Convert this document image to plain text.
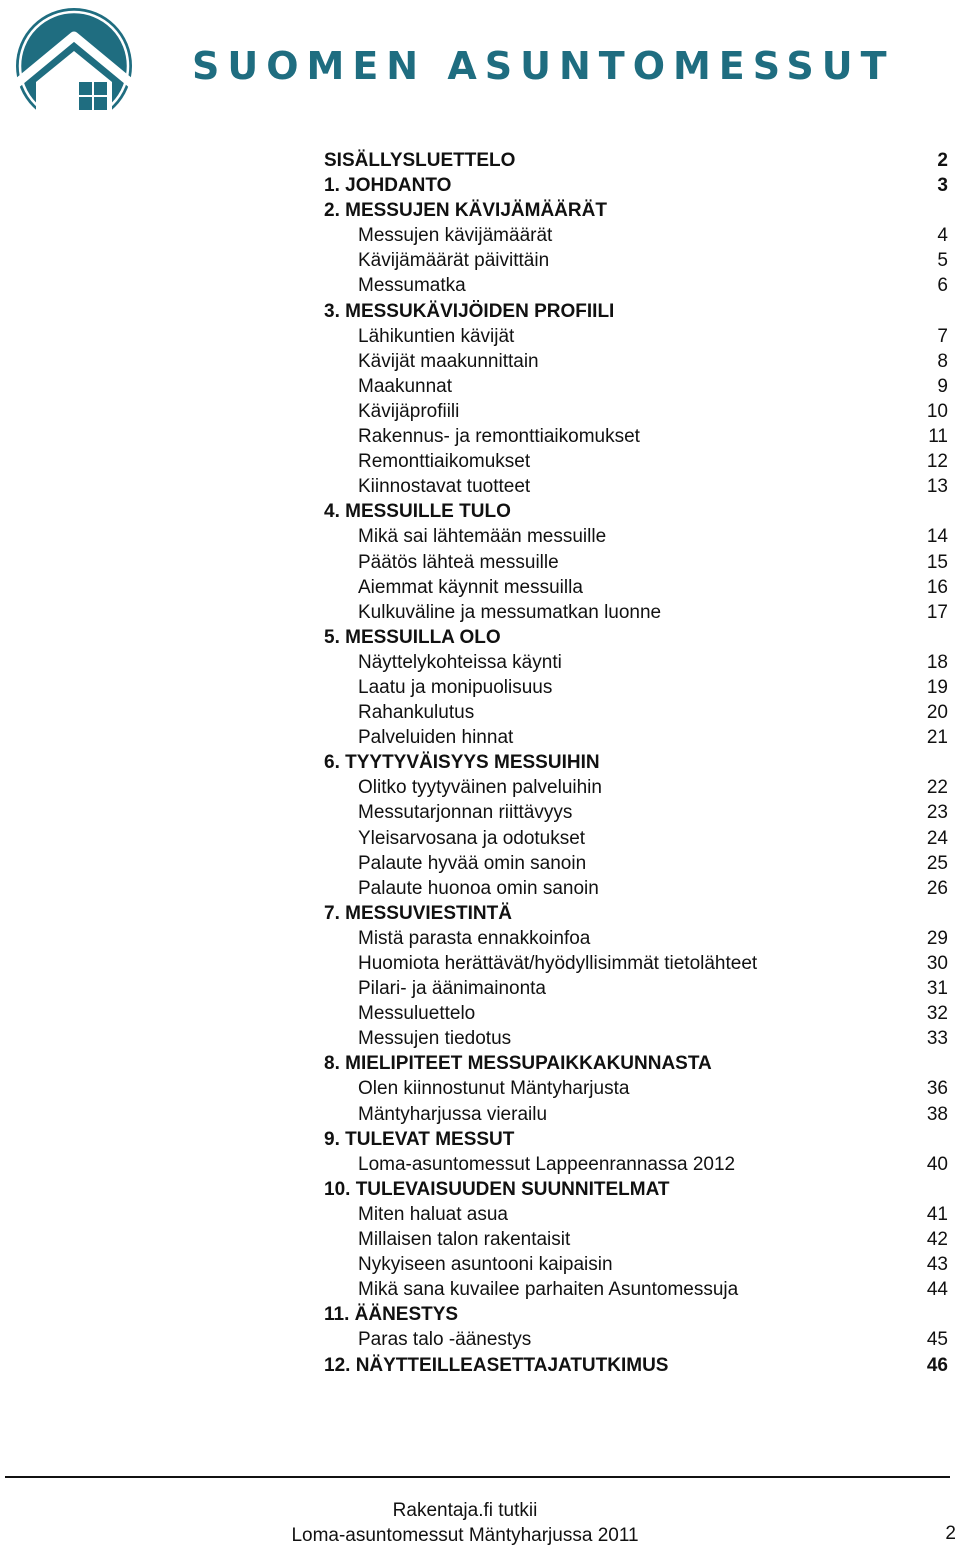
SUOMEN ASUNTOMESSUT
SISÄLLYSLUETTELO	2
1. JOHDANTO	3
2. MESSUJEN KÄVIJÄMÄÄRÄT
Messujen kävijämäärät	4
Kävijämäärät päivittäin	5
Messumatka	6
3. MESSUKÄVIJÖIDEN PROFIILI
Lähikuntien kävijät	7
Kävijät maakunnittain	8
Maakunnat	9
Kävijäprofiili	10
Rakennus- ja remonttiaikomukset	11
Remonttiaikomukset	12
Kiinnostavat tuotteet	13
4. MESSUILLE TULO
Mikä sai lähtemään messuille	14
Päätös lähteä messuille	15
Aiemmat käynnit messuilla	16
Kulkuväline ja messumatkan luonne	17
5. MESSUILLA OLO
Näyttelykohteissa käynti	18
Laatu ja monipuolisuus	19
Rahankulutus	20
Palveluiden hinnat	21
6. TYYTYVÄISYYS MESSUIHIN
Olitko tyytyväinen palveluihin	22
Messutarjonnan riittävyys	23
Yleisarvosana ja odotukset	24
Palaute hyvää omin sanoin	25
Palaute huonoa omin sanoin	26
7. MESSUVIESTINTÄ
Mistä parasta ennakkoinfoa	29
Huomiota herättävät/hyödyllisimmät tietolähteet	30
Pilari- ja äänimainonta	31
Messuluettelo	32
Messujen tiedotus	33
8. MIELIPITEET MESSUPAIKKAKUNNASTA
Olen kiinnostunut Mäntyharjusta	36
Mäntyharjussa vierailu	38
9. TULEVAT MESSUT
Loma-asuntomessut Lappeenrannassa 2012	40
10. TULEVAISUUDEN SUUNNITELMAT
Miten haluat asua	41
Millaisen talon rakentaisit	42
Nykyiseen asuntooni kaipaisin	43
Mikä sana kuvailee parhaiten Asuntomessuja	44
11. ÄÄNESTYS
Paras talo -äänestys	45
12. NÄYTTEILLEASETTAJATUTKIMUS	46
Rakentaja.fi tutkii
Loma-asuntomessut Mäntyharjussa 2011	2
